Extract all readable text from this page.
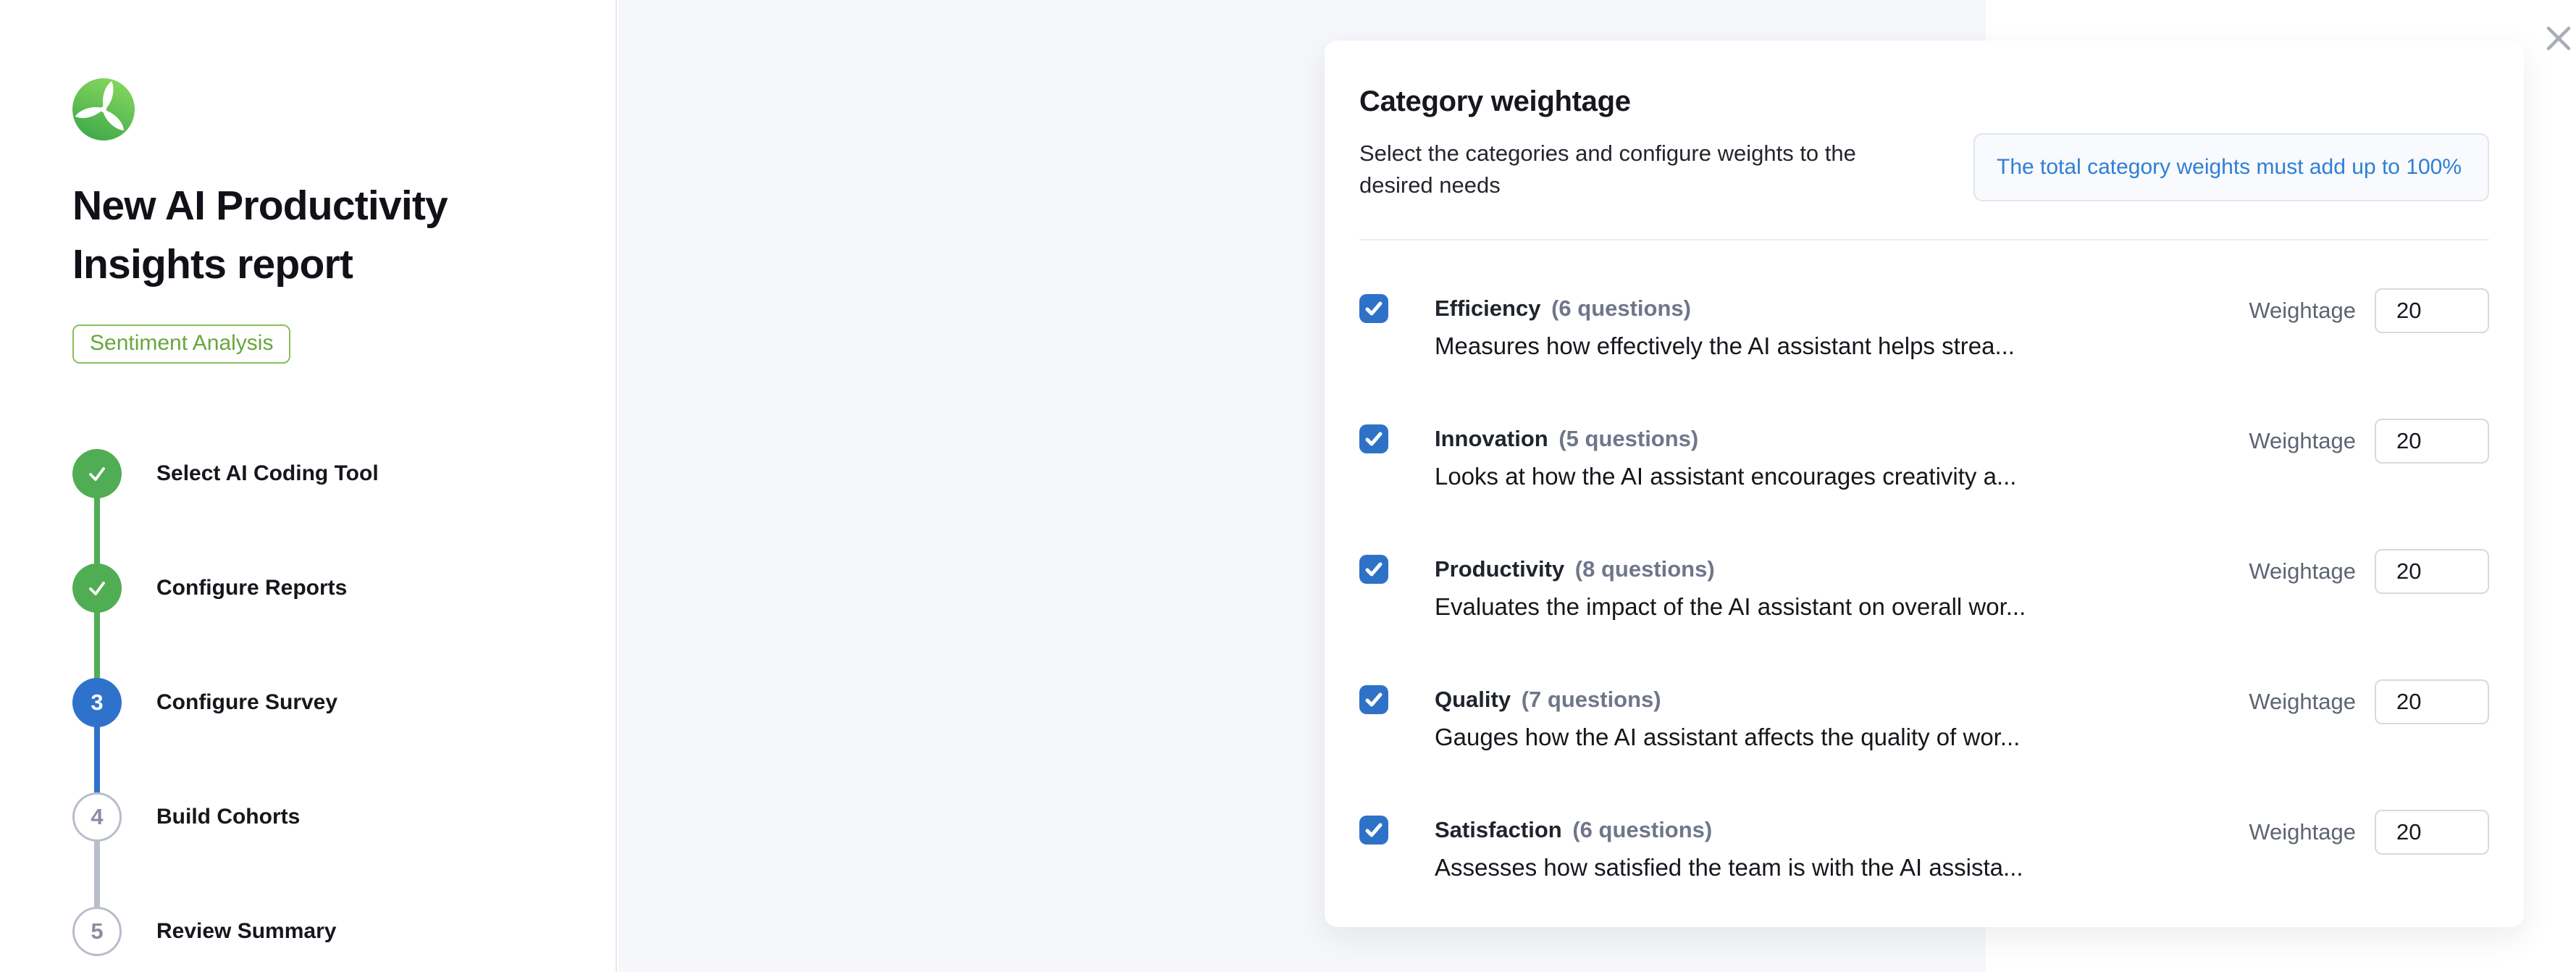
New AI Productivity Insights report
Sentiment Analysis
Select AI Coding Tool
Configure Reports
3 Configure Survey
4 Build Cohorts
5 Review Summary
Category weightage

Select the categories and configure weights to the desired needs

The total category weights must add up to 100%
Efficiency (6 questions)
Measures how effectively the AI assistant helps strea...
Weightage
20
Innovation (5 questions)
Looks at how the AI assistant encourages creativity a...
Weightage
20
Productivity (8 questions)
Evaluates the impact of the AI assistant on overall wor...
Weightage
20
Quality (7 questions)
Gauges how the AI assistant affects the quality of wor...
Weightage
20
Satisfaction (6 questions)
Assesses how satisfied the team is with the AI assista...
Weightage
20
